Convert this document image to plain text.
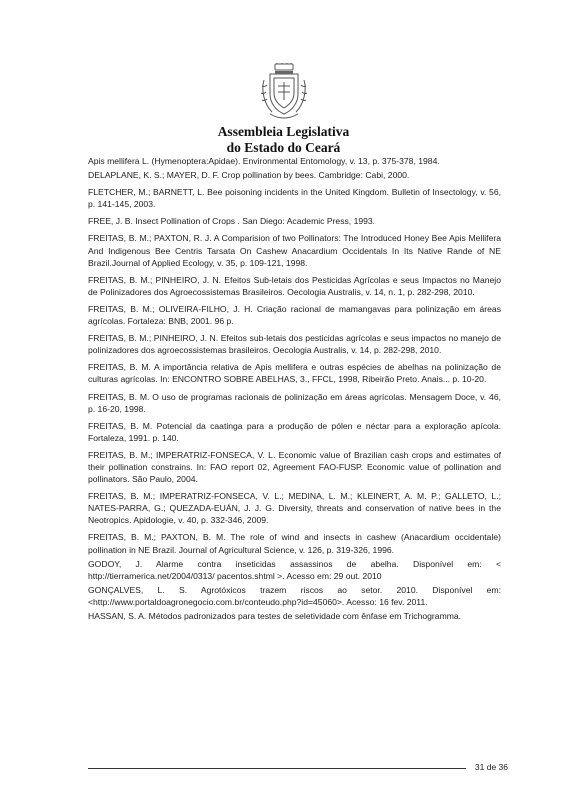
Assembleia Legislativa
do Estado do Ceará

Apis mellifera L. (Hymenoptera:Apidae). Environmental Entomology, v. 13, p. 375-378, 1984.

DELAPLANE, K. S.; MAYER, D. F. Crop pollination by bees. Cambridge: Cabi, 2000.

FLETCHER, M.; BARNETT, L. Bee poisoning incidents in the United Kingdom. Bulletin of Insectology, v. 56, p. 141-145, 2003.

FREE, J. B. Insect Pollination of Crops . San Diego: Academic Press, 1993.

FREITAS, B. M.; PAXTON, R. J. A Comparision of two Pollinators: The Introduced Honey Bee Apis Mellifera And Indigenous Bee Centris Tarsata On Cashew Anacardium Occidentals In Its Native Rande of NE Brazil.Journal of Applied Ecology, v. 35, p. 109-121, 1998.

FREITAS, B. M.; PINHEIRO, J. N. Efeitos Sub-letais dos Pesticidas Agrícolas e seus Impactos no Manejo de Polinizadores dos Agroecossistemas Brasileiros. Oecologia Australis, v. 14, n. 1, p. 282-298, 2010.

FREITAS, B. M.; OLIVEIRA-FILHO, J. H. Criação racional de mamangavas para polinização em áreas agrícolas. Fortaleza: BNB, 2001. 96 p.

FREITAS, B. M.; PINHEIRO, J. N. Efeitos sub-letais dos pesticidas agrícolas e seus impactos no manejo de polinizadores dos agroecossistemas brasileiros. Oecologia Australis, v. 14, p. 282-298, 2010.

FREITAS, B. M. A importância relativa de Apis mellifera e outras espécies de abelhas na polinização de culturas agrícolas. In: ENCONTRO SOBRE ABELHAS, 3., FFCL, 1998, Ribeirão Preto. Anais... p. 10-20.

FREITAS, B. M. O uso de programas racionais de polinização em áreas agrícolas. Mensagem Doce, v. 46, p. 16-20, 1998.

FREITAS, B. M. Potencial da caatinga para a produção de pólen e néctar para a exploração apícola. Fortaleza, 1991. p. 140.

FREITAS, B. M.; IMPERATRIZ-FONSECA, V. L. Economic value of Brazilian cash crops and estimates of their pollination constrains. In: FAO report 02, Agreement FAO-FUSP. Economic value of pollination and pollinators. São Paulo, 2004.

FREITAS, B. M.; IMPERATRIZ-FONSECA, V. L.; MEDINA, L. M.; KLEINERT, A. M. P.; GALLETO, L.; NATES-PARRA, G.; QUEZADA-EUÁN, J. J. G. Diversity, threats and conservation of native bees in the Neotropics. Apidologie, v. 40, p. 332-346, 2009.

FREITAS, B. M.; PAXTON, B. M. The role of wind and insects in cashew (Anacardium occidentale) pollination in NE Brazil. Journal of Agricultural Science, v. 126, p. 319-326, 1996.

GODOY, J. Alarme contra inseticidas assassinos de abelha. Disponível em: < http://tierramerica.net/2004/0313/ pacentos.shtml >. Acesso em: 29 out. 2010

GONÇALVES, L. S. Agrotóxicos trazem riscos ao setor. 2010. Disponível em: <http://www.portaldoagronegocio.com.br/conteudo.php?id=45060>. Acesso: 16 fev. 2011.

HASSAN, S. A. Métodos padronizados para testes de seletividade com ênfase em Trichogramma.

31 de 36
